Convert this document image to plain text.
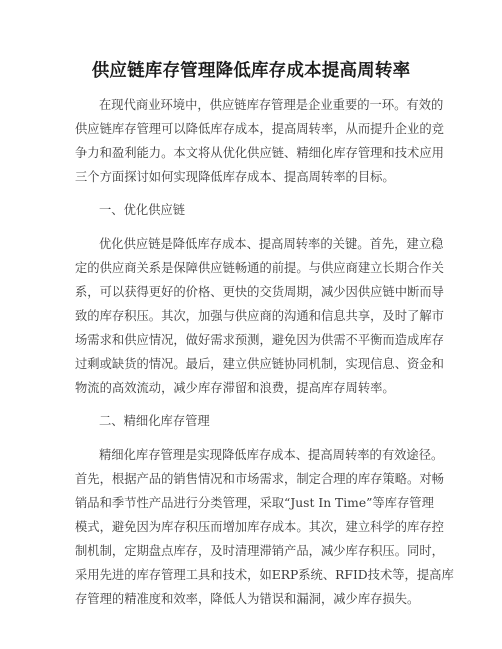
供应链库存管理降低库存成本提高周转率
在现代商业环境中，供应链库存管理是企业重要的一环。有效的
供应链库存管理可以降低库存成本，提高周转率，从而提升企业的竞
争力和盈利能力。本文将从优化供应链、精细化库存管理和技术应用
三个方面探讨如何实现降低库存成本、提高周转率的目标。
一、优化供应链
优化供应链是降低库存成本、提高周转率的关键。首先，建立稳
定的供应商关系是保障供应链畅通的前提。与供应商建立长期合作关
系，可以获得更好的价格、更快的交货周期，减少因供应链中断而导
致的库存积压。其次，加强与供应商的沟通和信息共享，及时了解市
场需求和供应情况，做好需求预测，避免因为供需不平衡而造成库存
过剩或缺货的情况。最后，建立供应链协同机制，实现信息、资金和
物流的高效流动，减少库存滞留和浪费，提高库存周转率。
二、精细化库存管理
精细化库存管理是实现降低库存成本、提高周转率的有效途径。
首先，根据产品的销售情况和市场需求，制定合理的库存策略。对畅
销品和季节性产品进行分类管理，采取“Just In Time”等库存管理
模式，避免因为库存积压而增加库存成本。其次，建立科学的库存控
制机制，定期盘点库存，及时清理滞销产品，减少库存积压。同时，
采用先进的库存管理工具和技术，如ERP系统、RFID技术等，提高库
存管理的精准度和效率，降低人为错误和漏洞，减少库存损失。
